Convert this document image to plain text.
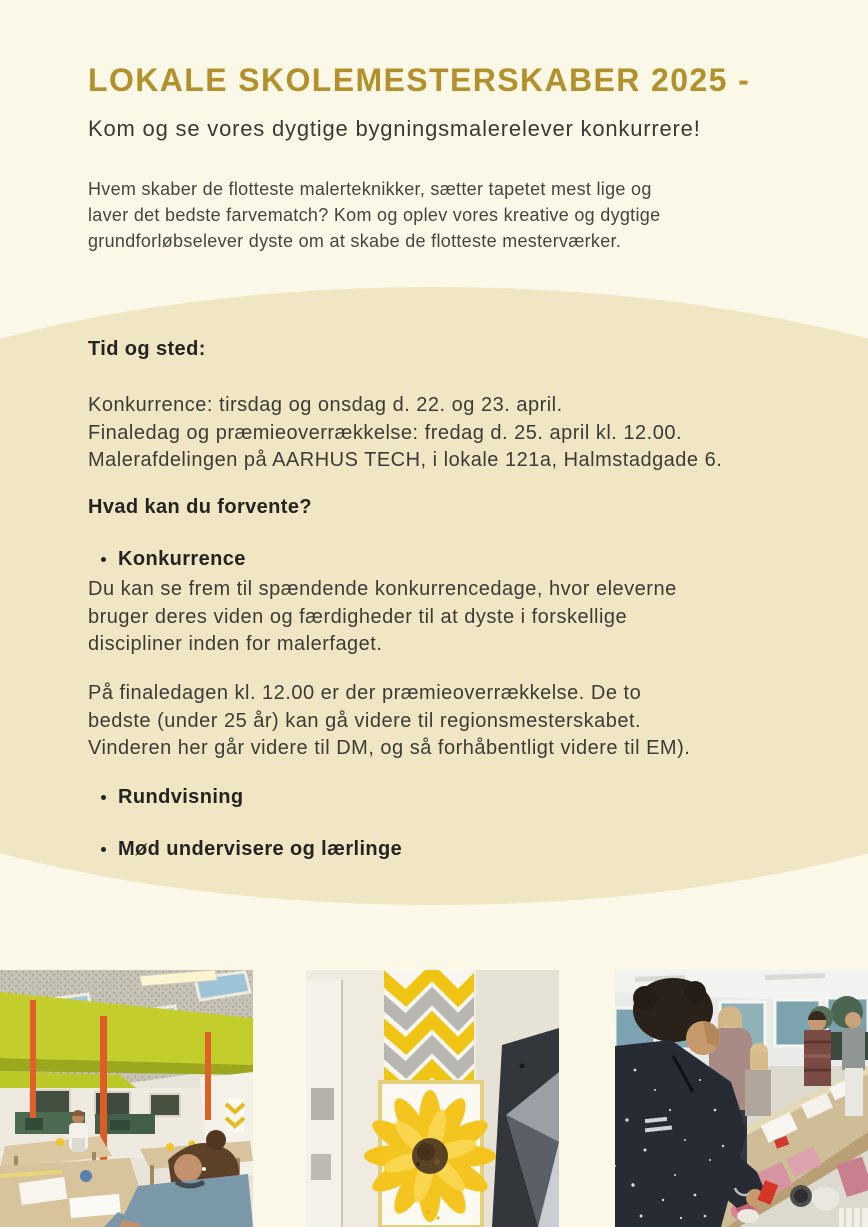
LOKALE SKOLEMESTERSKABER 2025 -
Kom og se vores dygtige bygningsmalerelever konkurrere!
Hvem skaber de flotteste malerteknikker, sætter tapetet mest lige og
laver det bedste farvematch? Kom og oplev vores kreative og dygtige
grundforløbselever dyste om at skabe de flotteste mesterværker.
Tid og sted:
Konkurrence: tirsdag og onsdag d. 22. og 23. april.
Finaledag og præmieoverrækkelse: fredag d. 25. april kl. 12.00.
Malerafdelingen på AARHUS TECH, i lokale 121a, Halmstadgade 6.
Hvad kan du forvente?
Konkurrence
Du kan se frem til spændende konkurrencedage, hvor eleverne
bruger deres viden og færdigheder til at dyste i forskellige
discipliner inden for malerfaget.
På finaledagen kl. 12.00 er der præmieoverrækkelse. De to
bedste (under 25 år) kan gå videre til regionsmesterskabet.
Vinderen her går videre til DM, og så forhåbentligt videre til EM).
Rundvisning
Mød undervisere og lærlinge
